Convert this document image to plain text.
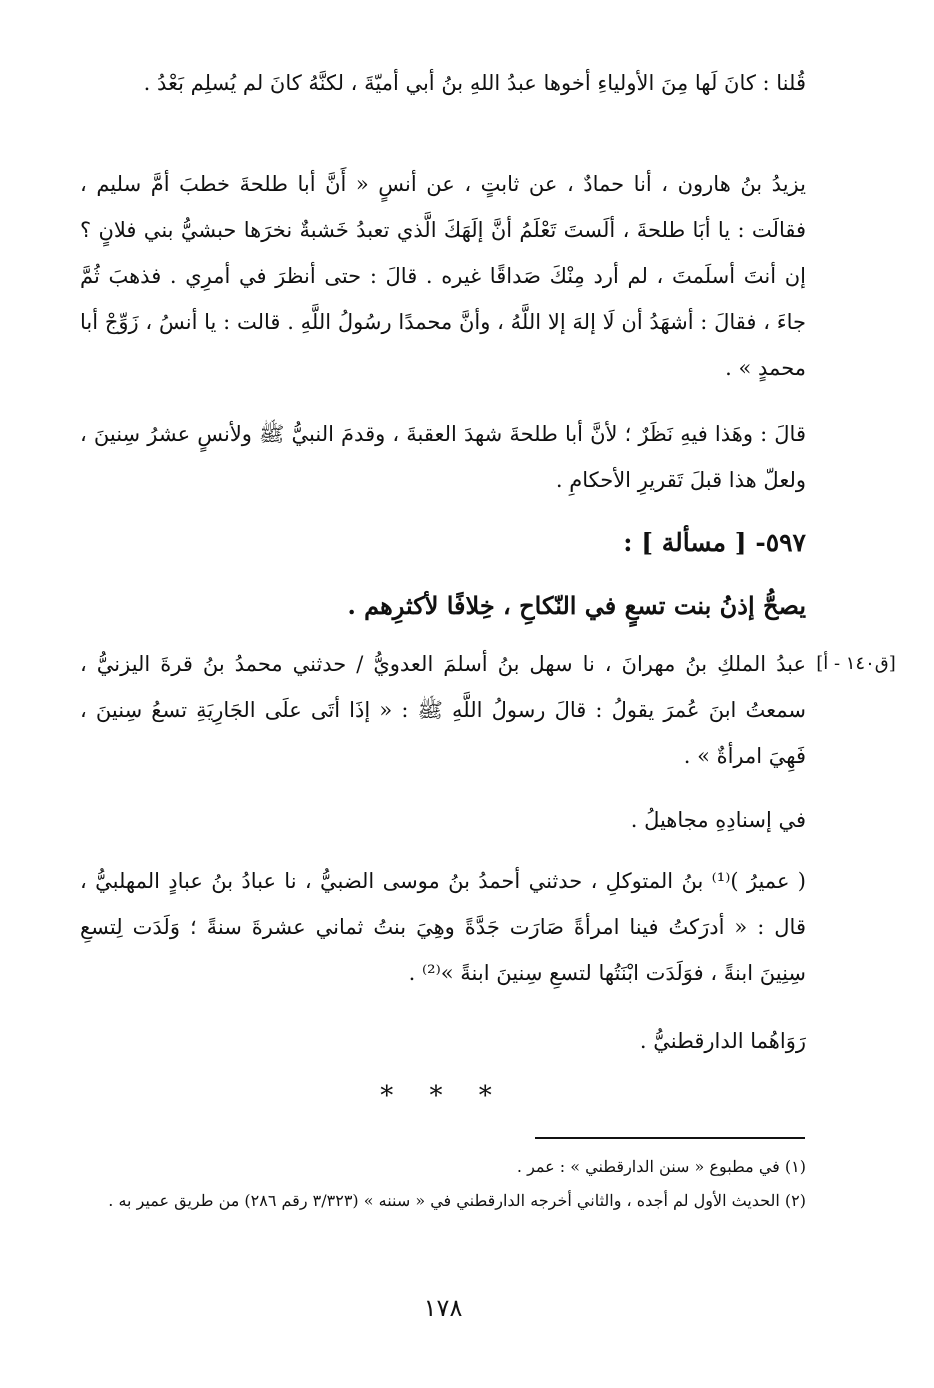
قُلنا : كانَ لَها مِنَ الأولياءِ أخوها عبدُ اللهِ بنُ أبي أميّةَ ، لكنَّهُ كانَ لم يُسلِم بَعْدُ .

يزيدُ بنُ هارون ، أنا حمادٌ ، عن ثابتٍ ، عن أنسٍ « أَنَّ أبا طلحةَ خطبَ أمَّ سليم ، فقالَت : يا أبَا طلحةَ ، ألَستَ تَعْلَمُ أنَّ إلَهَكَ الَّذي تعبدُ خَشبةٌ نخرَها حبشيُّ بني فلانٍ ؟ إن أنتَ أسلَمتَ ، لم أرد مِنْكَ صَداقًا غيره . قالَ : حتى أنظرَ في أمرِي . فذهبَ ثُمَّ جاءَ ، فقالَ : أشهَدُ أن لَا إلهَ إلا اللَّهُ ، وأنَّ محمدًا رسُولُ اللَّهِ . قالت : يا أنسُ ، زَوِّجْ أبا محمدٍ » .

قالَ : وهَذا فيهِ نَظَرٌ ؛ لأنَّ أبا طلحةَ شهدَ العقبةَ ، وقدمَ النبيُّ ﷺ ولأنسٍ عشرُ سِنينَ ، ولعلّ هذا قبلَ تَقريرِ الأحكامِ .

٥٩٧- [ مسألة ] :
يصحُّ إذنُ بنت تسعٍ في النّكاحِ ، خِلافًا لأكثرِهم .
[ق١٤٠ - أ]

عبدُ الملكِ بنُ مهرانَ ، نا سهل بنُ أسلمَ العدويُّ / حدثني محمدُ بنُ قرةَ اليزنيُّ ، سمعتُ ابنَ عُمرَ يقولُ : قالَ رسولُ اللَّهِ ﷺ : « إذَا أتَى علَى الجَارِيَةِ تسعُ سِنينَ ، فَهِيَ امرأةٌ » .

في إسنادِهِ مجاهيلُ .

( عميرُ )⁽¹⁾ بنُ المتوكلِ ، حدثني أحمدُ بنُ موسى الضبيُّ ، نا عبادُ بنُ عبادٍ المهلبيُّ ، قال : « أدرَكتُ فينا امرأةً صَارَت جَدَّةً وهِيَ بنتُ ثماني عشرةَ سنةً ؛ وَلَدَت لِتسعِ سِنِينَ ابنةً ، فوَلَدَت ابْنَتُها لتسعِ سِنينَ ابنةً »⁽²⁾ .

رَوَاهُما الدارقطنيُّ .

* * *

(١) في مطبوع « سنن الدارقطني » : عمر .

(٢) الحديث الأول لم أجده ، والثاني أخرجه الدارقطني في « سننه » (٣/٣٢٣ رقم ٢٨٦) من طريق عمير به .

١٧٨
